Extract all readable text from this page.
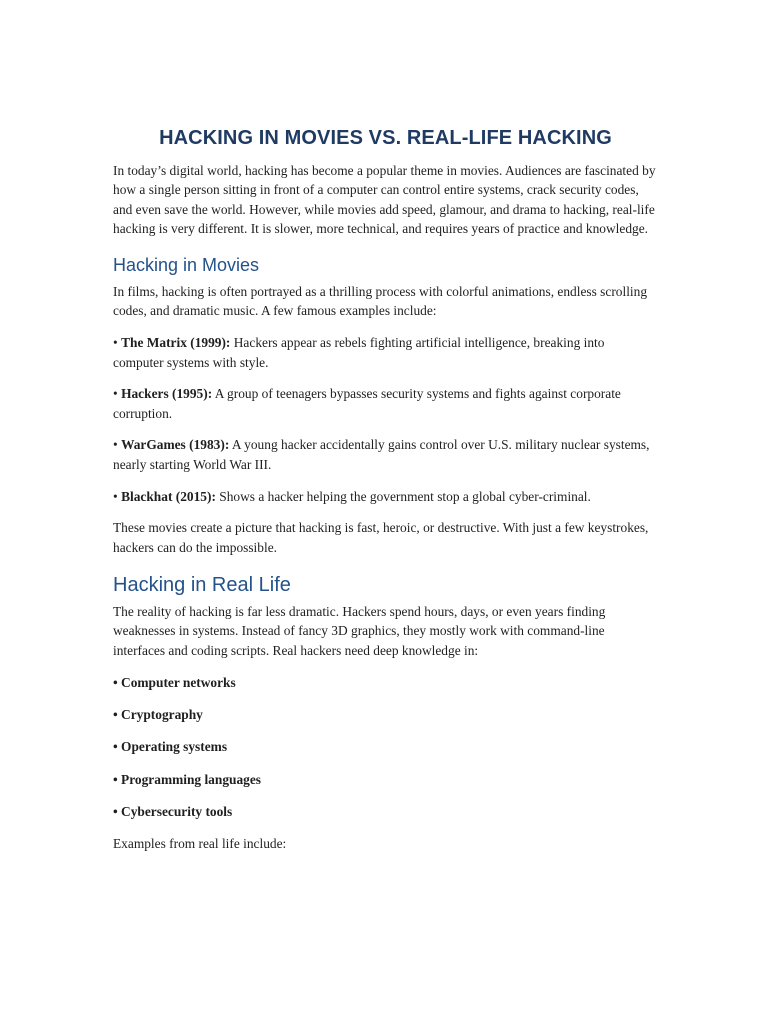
HACKING IN MOVIES VS. REAL-LIFE HACKING

In today’s digital world, hacking has become a popular theme in movies. Audiences are fascinated by how a single person sitting in front of a computer can control entire systems, crack security codes, and even save the world. However, while movies add speed, glamour, and drama to hacking, real-life hacking is very different. It is slower, more technical, and requires years of practice and knowledge.

Hacking in Movies

In films, hacking is often portrayed as a thrilling process with colorful animations, endless scrolling codes, and dramatic music. A few famous examples include:

• The Matrix (1999): Hackers appear as rebels fighting artificial intelligence, breaking into computer systems with style.

• Hackers (1995): A group of teenagers bypasses security systems and fights against corporate corruption.

• WarGames (1983): A young hacker accidentally gains control over U.S. military nuclear systems, nearly starting World War III.

• Blackhat (2015): Shows a hacker helping the government stop a global cyber-criminal.

These movies create a picture that hacking is fast, heroic, or destructive. With just a few keystrokes, hackers can do the impossible.

Hacking in Real Life

The reality of hacking is far less dramatic. Hackers spend hours, days, or even years finding weaknesses in systems. Instead of fancy 3D graphics, they mostly work with command-line interfaces and coding scripts. Real hackers need deep knowledge in:

• Computer networks

• Cryptography

• Operating systems

• Programming languages

• Cybersecurity tools

Examples from real life include:
